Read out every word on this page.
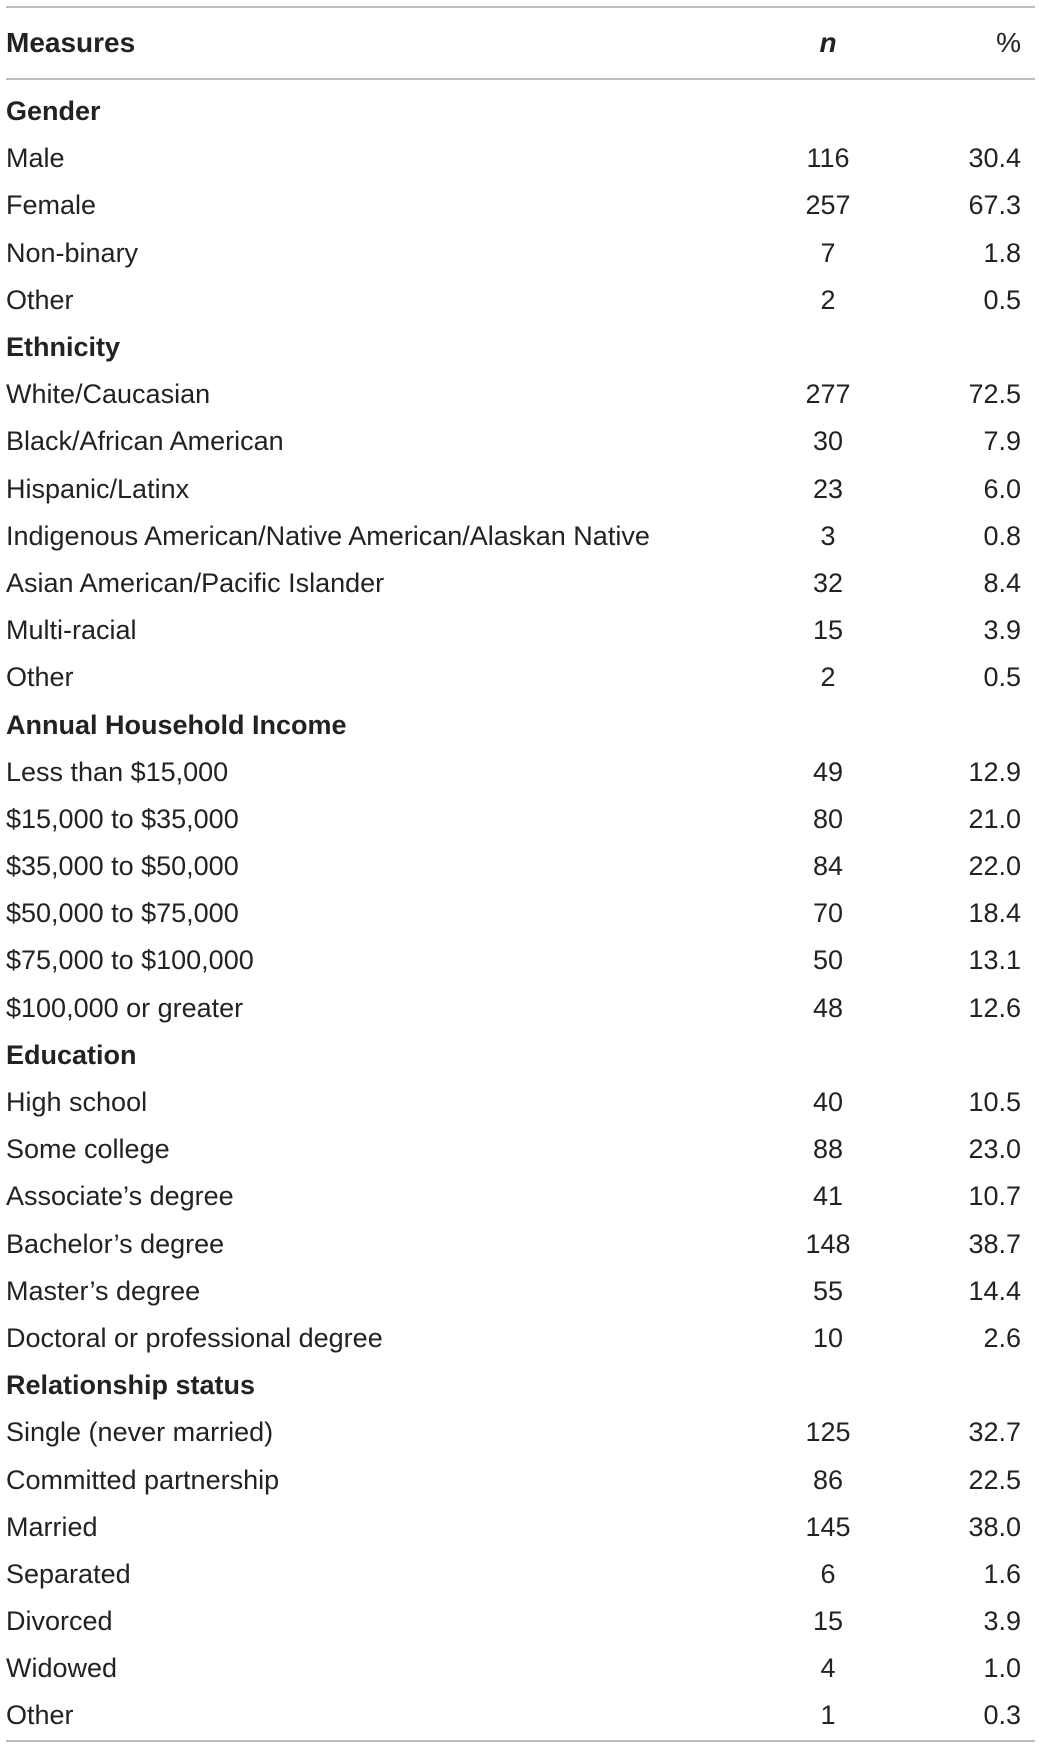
Measures	n	%
Gender		
Male	116	30.4
Female	257	67.3
Non-binary	7	1.8
Other	2	0.5
Ethnicity		
White/Caucasian	277	72.5
Black/African American	30	7.9
Hispanic/Latinx	23	6.0
Indigenous American/Native American/Alaskan Native	3	0.8
Asian American/Pacific Islander	32	8.4
Multi-racial	15	3.9
Other	2	0.5
Annual Household Income		
Less than $15,000	49	12.9
$15,000 to $35,000	80	21.0
$35,000 to $50,000	84	22.0
$50,000 to $75,000	70	18.4
$75,000 to $100,000	50	13.1
$100,000 or greater	48	12.6
Education		
High school	40	10.5
Some college	88	23.0
Associate’s degree	41	10.7
Bachelor’s degree	148	38.7
Master’s degree	55	14.4
Doctoral or professional degree	10	2.6
Relationship status		
Single (never married)	125	32.7
Committed partnership	86	22.5
Married	145	38.0
Separated	6	1.6
Divorced	15	3.9
Widowed	4	1.0
Other	1	0.3
